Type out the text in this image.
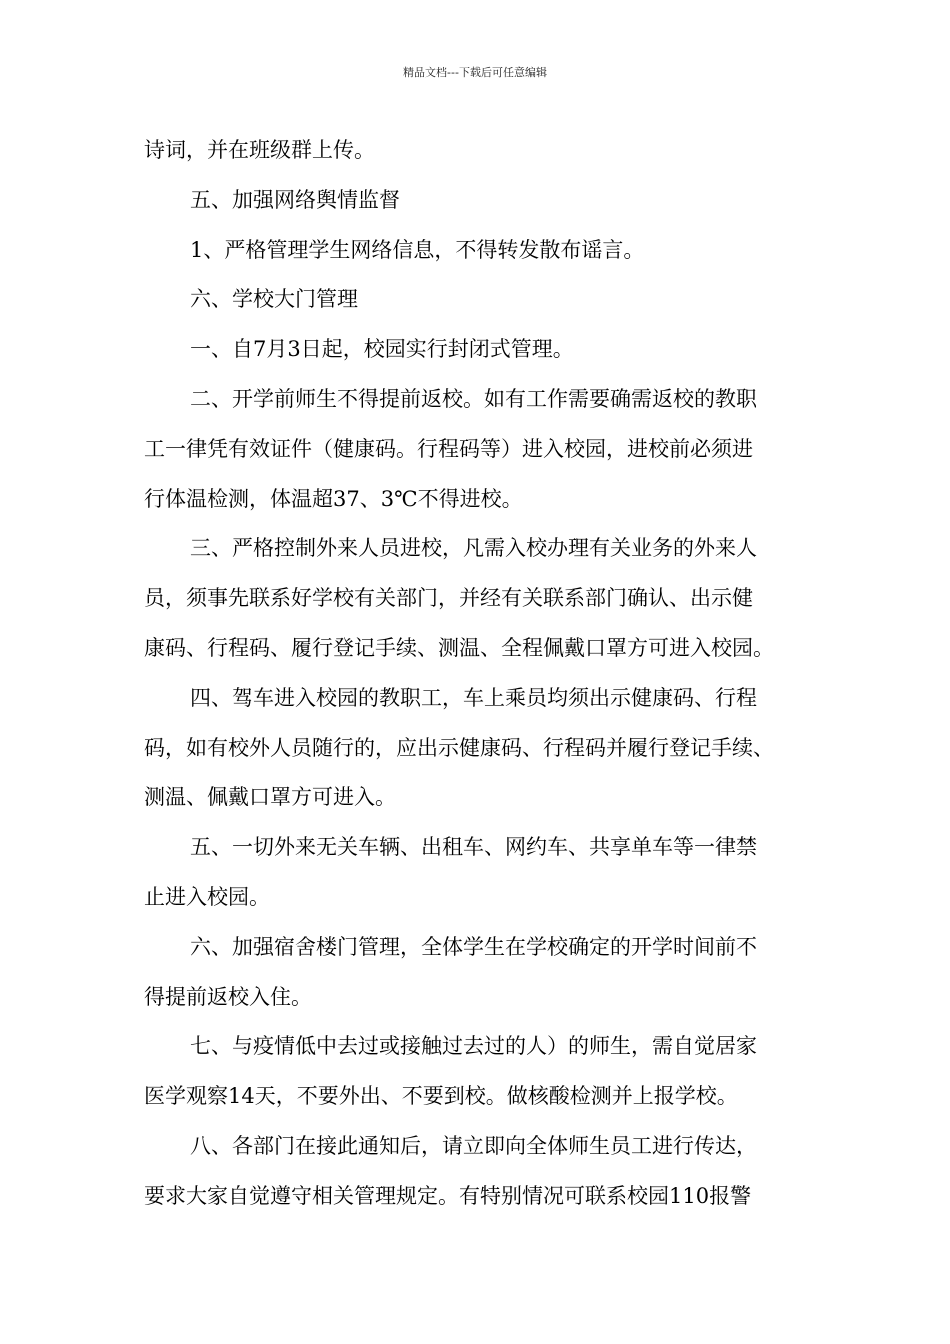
精品文档---下载后可任意编辑
诗词，并在班级群上传。
五、加强网络舆情监督
1、严格管理学生网络信息，不得转发散布谣言。
六、学校大门管理
一、自7月3日起，校园实行封闭式管理。
二、开学前师生不得提前返校。如有工作需要确需返校的教职
工一律凭有效证件（健康码。行程码等）进入校园，进校前必须进
行体温检测，体温超37、3℃不得进校。
三、严格控制外来人员进校，凡需入校办理有关业务的外来人
员，须事先联系好学校有关部门，并经有关联系部门确认、出示健
康码、行程码、履行登记手续、测温、全程佩戴口罩方可进入校园。
四、驾车进入校园的教职工，车上乘员均须出示健康码、行程
码，如有校外人员随行的，应出示健康码、行程码并履行登记手续、
测温、佩戴口罩方可进入。
五、一切外来无关车辆、出租车、网约车、共享单车等一律禁
止进入校园。
六、加强宿舍楼门管理，全体学生在学校确定的开学时间前不
得提前返校入住。
七、与疫情低中去过或接触过去过的人）的师生，需自觉居家
医学观察14天，不要外出、不要到校。做核酸检测并上报学校。
八、各部门在接此通知后，请立即向全体师生员工进行传达，
要求大家自觉遵守相关管理规定。有特别情况可联系校园110报警
